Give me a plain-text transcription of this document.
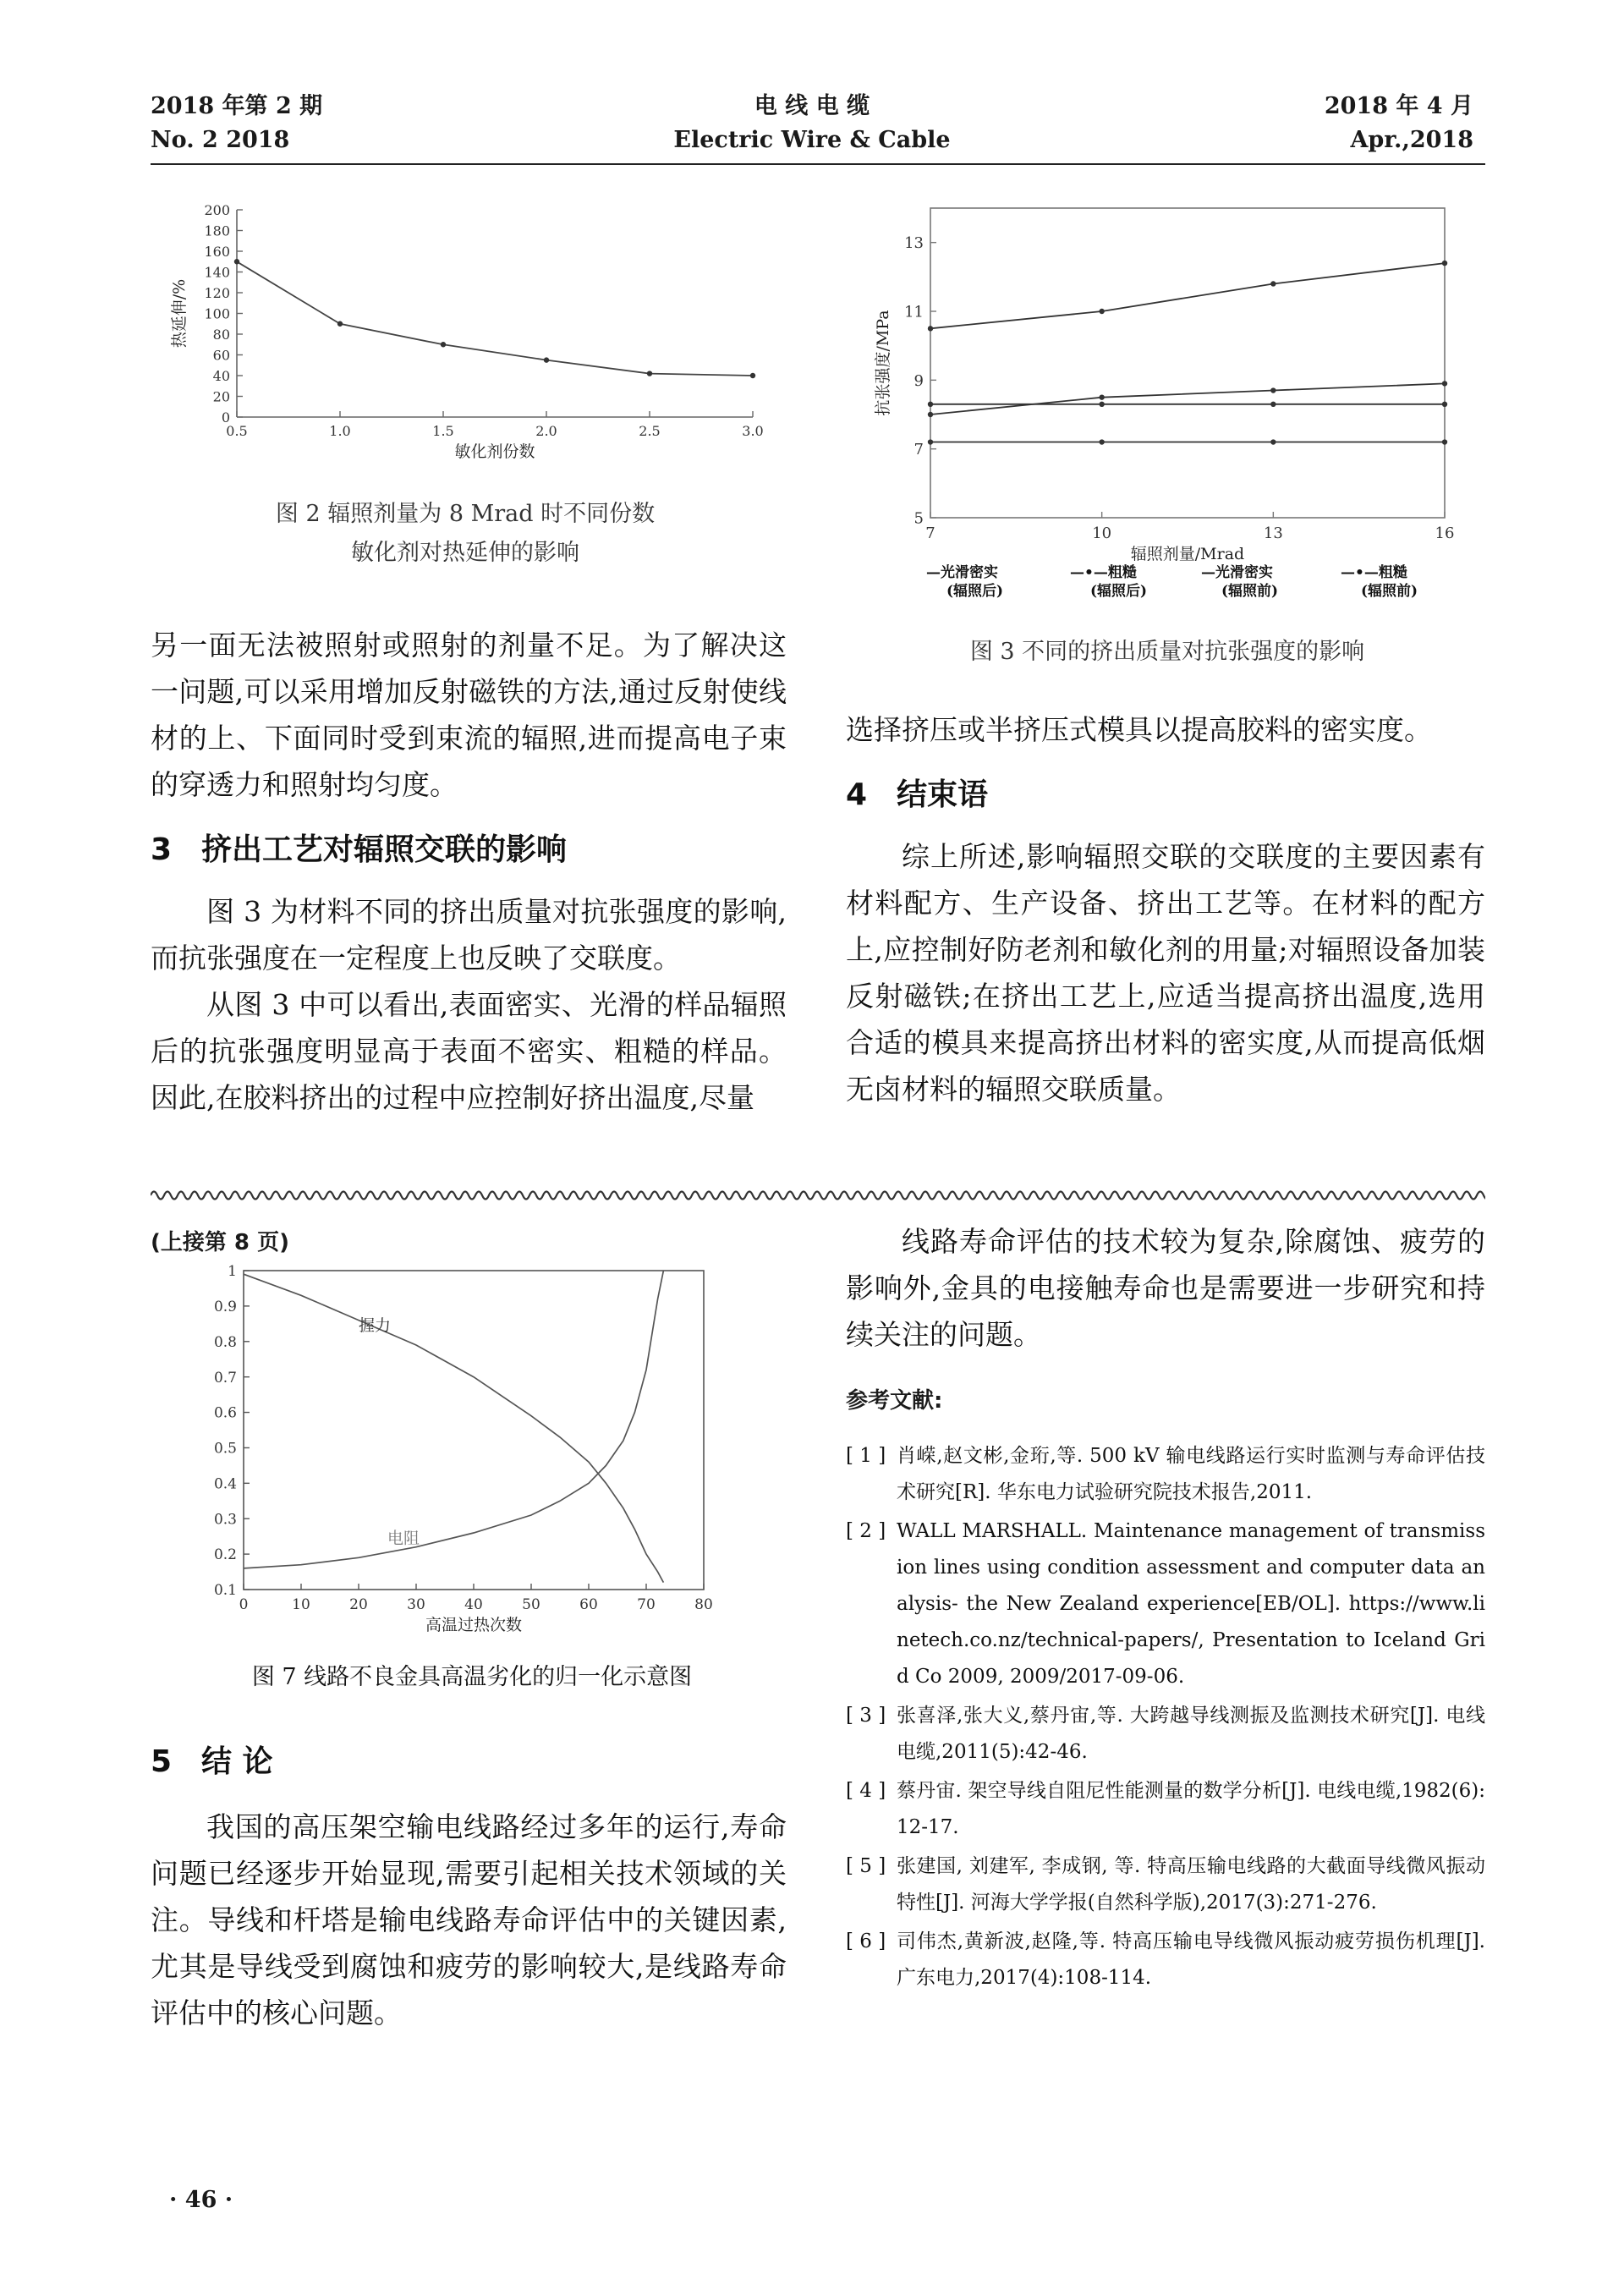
2018 年第 2 期
No. 2 2018
电 线 电 缆
Electric Wire & Cable
2018 年 4 月
Apr.,2018
0.5	1.0	1.5	2.0	2.5	3.0
0
20
40
60
80
100
120
140
160
180
200
敏化剂份数
热延伸/%
图 2 辐照剂量为 8 Mrad 时不同份数
敏化剂对热延伸的影响
7	10	13	16
5
7
9
11
13
辐照剂量/Mrad
抗张强度/MPa
—光滑密实
(辐照后)
—•—粗糙
(辐照后)
—光滑密实
(辐照前)
—•—粗糙
(辐照前)
图 3 不同的挤出质量对抗张强度的影响

另一面无法被照射或照射的剂量不足。为了解决这一问题,可以采用增加反射磁铁的方法,通过反射使线材的上、下面同时受到束流的辐照,进而提高电子束的穿透力和照射均匀度。

3 挤出工艺对辐照交联的影响

图 3 为材料不同的挤出质量对抗张强度的影响,而抗张强度在一定程度上也反映了交联度。

从图 3 中可以看出,表面密实、光滑的样品辐照后的抗张强度明显高于表面不密实、粗糙的样品。因此,在胶料挤出的过程中应控制好挤出温度,尽量

选择挤压或半挤压式模具以提高胶料的密实度。

4 结束语

综上所述,影响辐照交联的交联度的主要因素有材料配方、生产设备、挤出工艺等。在材料的配方上,应控制好防老剂和敏化剂的用量;对辐照设备加装反射磁铁;在挤出工艺上,应适当提高挤出温度,选用合适的模具来提高挤出材料的密实度,从而提高低烟无卤材料的辐照交联质量。

(上接第 8 页)
0	10	20	30	40	50	60	70	80
0.1
0.2
0.3
0.4
0.5
0.6
0.7
0.8
0.9
1
高温过热次数
握力
电阻
图 7 线路不良金具高温劣化的归一化示意图
5 结 论

我国的高压架空输电线路经过多年的运行,寿命问题已经逐步开始显现,需要引起相关技术领域的关注。导线和杆塔是输电线路寿命评估中的关键因素,尤其是导线受到腐蚀和疲劳的影响较大,是线路寿命评估中的核心问题。

线路寿命评估的技术较为复杂,除腐蚀、疲劳的影响外,金具的电接触寿命也是需要进一步研究和持续关注的问题。

参考文献:
[ 1 ] 肖嵘,赵文彬,金珩,等. 500 kV 输电线路运行实时监测与寿命评估技术研究[R]. 华东电力试验研究院技术报告,2011.
[ 2 ] WALL MARSHALL. Maintenance management of transmission lines using condition assessment and computer data analysis- the New Zealand experience[EB/OL]. https://www.linetech.co.nz/technical-papers/, Presentation to Iceland Grid Co 2009, 2009/2017-09-06.
[ 3 ] 张喜泽,张大义,蔡丹宙,等. 大跨越导线测振及监测技术研究[J]. 电线电缆,2011(5):42-46.
[ 4 ] 蔡丹宙. 架空导线自阻尼性能测量的数学分析[J]. 电线电缆,1982(6):12-17.
[ 5 ] 张建国, 刘建军, 李成钢, 等. 特高压输电线路的大截面导线微风振动特性[J]. 河海大学学报(自然科学版),2017(3):271-276.
[ 6 ] 司伟杰,黄新波,赵隆,等. 特高压输电导线微风振动疲劳损伤机理[J]. 广东电力,2017(4):108-114.
· 46 ·
